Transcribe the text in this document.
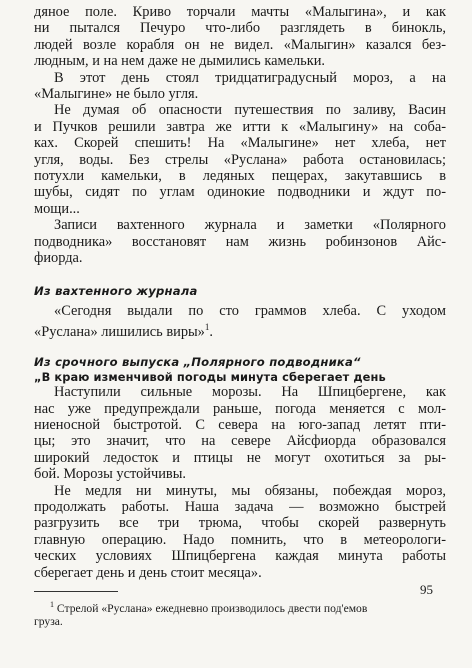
дяное поле. Криво торчали мачты «Малыгина», и как
ни пытался Печуро что-либо разглядеть в бинокль,
людей возле корабля он не видел. «Малыгин» казался без-
людным, и на нем даже не дымились камельки.

В этот день стоял тридцатиградусный мороз, а на
«Малыгине» не было угля.

Не думая об опасности путешествия по заливу, Васин
и Пучков решили завтра же итти к «Малыгину» на соба-
ках. Скорей спешить! На «Малыгине» нет хлеба, нет
угля, воды. Без стрелы «Руслана» работа остановилась;
потухли камельки, в ледяных пещерах, закутавшись в
шубы, сидят по углам одинокие подводники и ждут по-
мощи...

Записи вахтенного журнала и заметки «Полярного
подводника» восстановят нам жизнь робинзонов Айс-
фиорда.

Из вахтенного журнала

«Сегодня выдали по сто граммов хлеба. С уходом
«Руслана» лишились виры»$^1$.

Из срочного выпуска „Полярного подводника“
„В краю изменчивой погоды минута сберегает день

Наступили сильные морозы. На Шпицбергене, как
нас уже предупреждали раньше, погода меняется с мол-
ниеносной быстротой. С севера на юго-запад летят пти-
цы; это значит, что на севере Айсфиорда образовался
широкий ледосток и птицы не могут охотиться за ры-
бой. Морозы устойчивы.

Не медля ни минуты, мы обязаны, побеждая мороз,
продолжать работы. Наша задача — возможно быстрей
разгрузить все три трюма, чтобы скорей развернуть
главную операцию. Надо помнить, что в метеорологи-
ческих условиях Шпицбергена каждая минута работы
сберегает день и день стоит месяца».

$^1$ Стрелой «Руслана» ежедневно производилось двести под'емов
груза.

95
